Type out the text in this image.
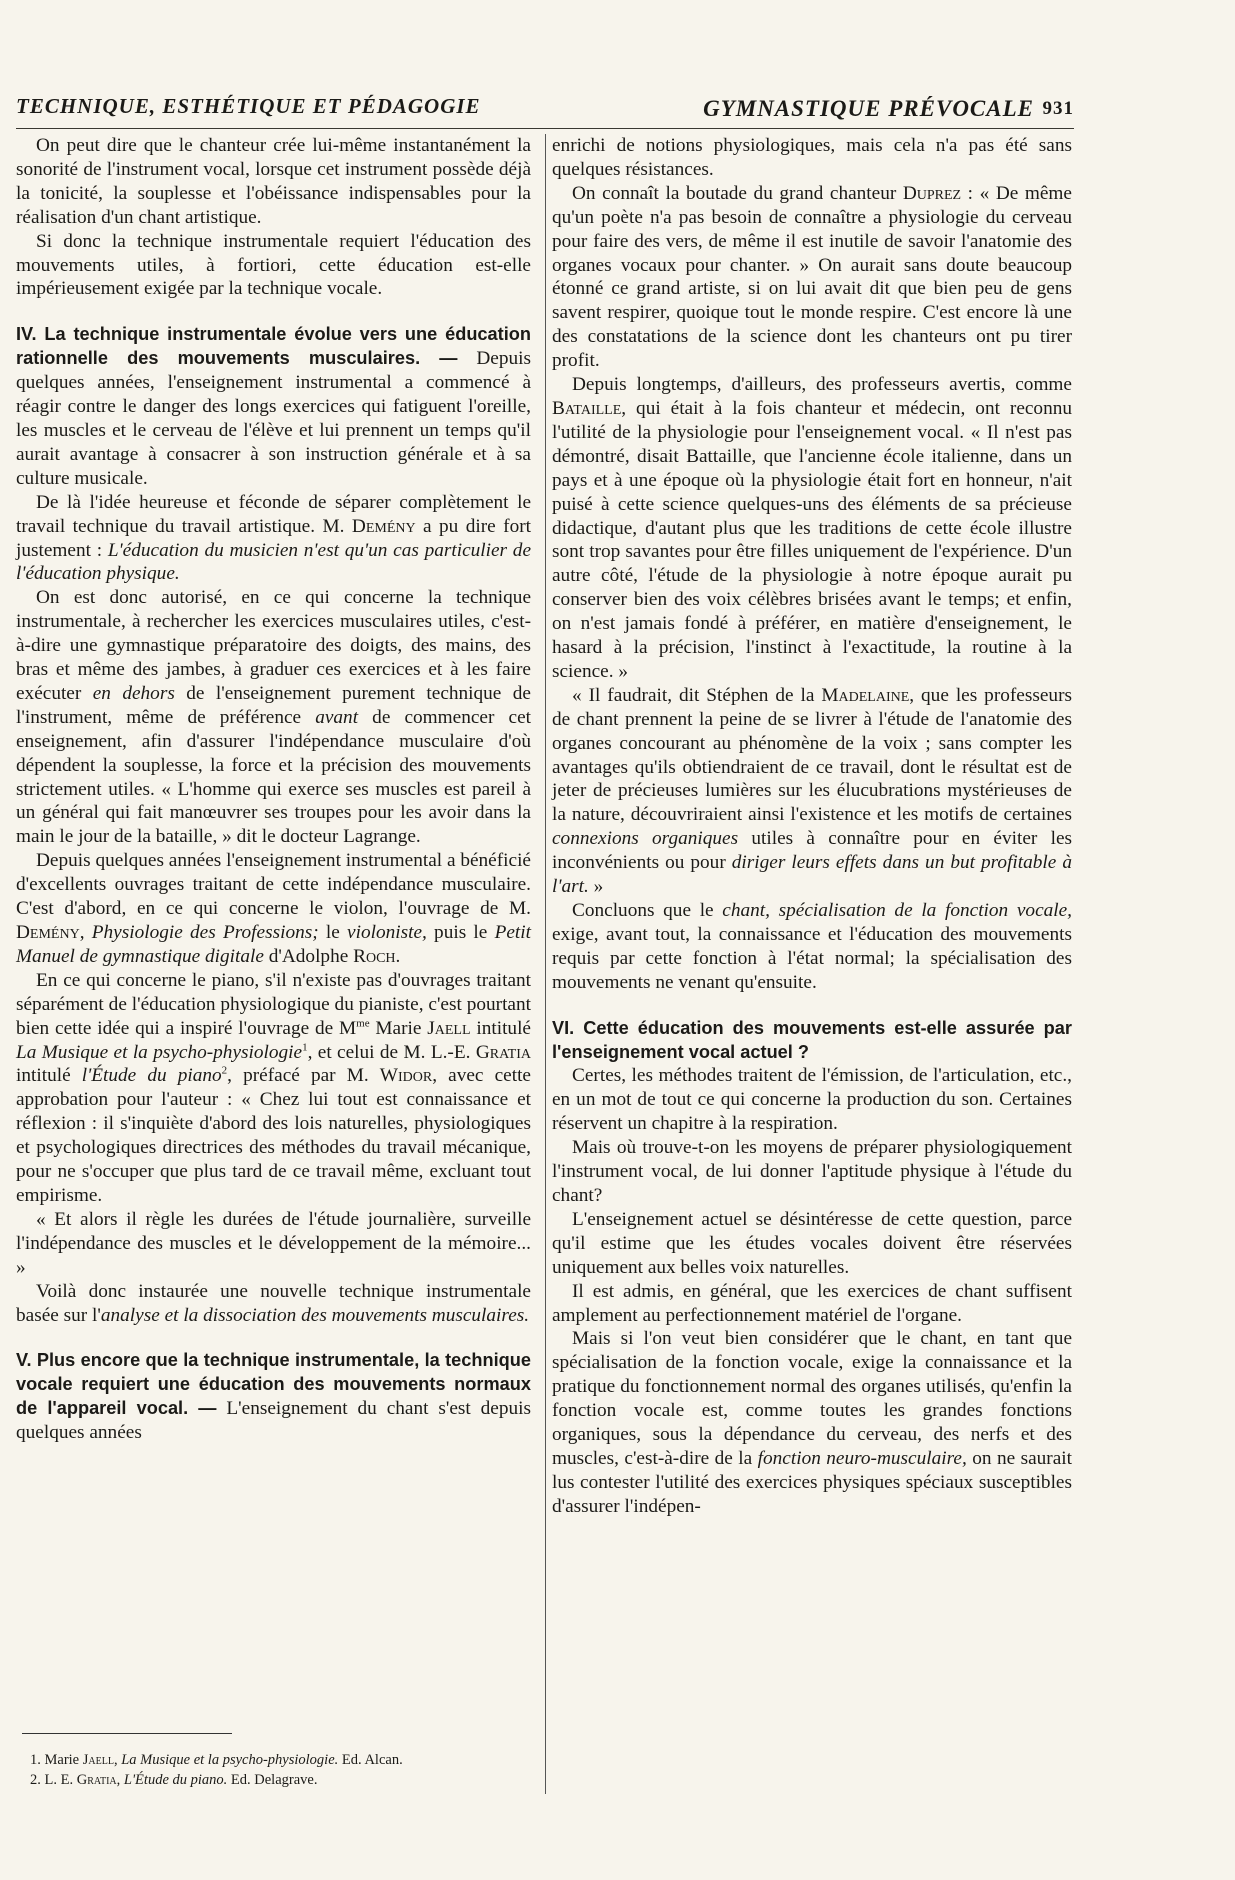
TECHNIQUE, ESTHÉTIQUE ET PÉDAGOGIE	GYMNASTIQUE PRÉVOCALE 931

On peut dire que le chanteur crée lui-même instantanément la sonorité de l'instrument vocal, lorsque cet instrument possède déjà la tonicité, la souplesse et l'obéissance indispensables pour la réalisation d'un chant artistique.

Si donc la technique instrumentale requiert l'éducation des mouvements utiles, à fortiori, cette éducation est-elle impérieusement exigée par la technique vocale.

IV. La technique instrumentale évolue vers une éducation rationnelle des mouvements musculaires. — Depuis quelques années, l'enseignement instrumental a commencé à réagir contre le danger des longs exercices qui fatiguent l'oreille, les muscles et le cerveau de l'élève et lui prennent un temps qu'il aurait avantage à consacrer à son instruction générale et à sa culture musicale.

De là l'idée heureuse et féconde de séparer complètement le travail technique du travail artistique. M. Demény a pu dire fort justement : L'éducation du musicien n'est qu'un cas particulier de l'éducation physique.

On est donc autorisé, en ce qui concerne la technique instrumentale, à rechercher les exercices musculaires utiles, c'est-à-dire une gymnastique préparatoire des doigts, des mains, des bras et même des jambes, à graduer ces exercices et à les faire exécuter en dehors de l'enseignement purement technique de l'instrument, même de préférence avant de commencer cet enseignement, afin d'assurer l'indépendance musculaire d'où dépendent la souplesse, la force et la précision des mouvements strictement utiles. « L'homme qui exerce ses muscles est pareil à un général qui fait manœuvrer ses troupes pour les avoir dans la main le jour de la bataille, » dit le docteur Lagrange.

Depuis quelques années l'enseignement instrumental a bénéficié d'excellents ouvrages traitant de cette indépendance musculaire. C'est d'abord, en ce qui concerne le violon, l'ouvrage de M. Demény, Physiologie des Professions; le violoniste, puis le Petit Manuel de gymnastique digitale d'Adolphe Roch.

En ce qui concerne le piano, s'il n'existe pas d'ouvrages traitant séparément de l'éducation physiologique du pianiste, c'est pourtant bien cette idée qui a inspiré l'ouvrage de $M^{me}$ Marie Jaell intitulé La Musique et la psycho-physiologie$^1$, et celui de M. L.-E. Gratia intitulé l'Étude du piano$^2$, préfacé par M. Widor, avec cette approbation pour l'auteur : « Chez lui tout est connaissance et réflexion : il s'inquiète d'abord des lois naturelles, physiologiques et psychologiques directrices des méthodes du travail mécanique, pour ne s'occuper que plus tard de ce travail même, excluant tout empirisme.

« Et alors il règle les durées de l'étude journalière, surveille l'indépendance des muscles et le développement de la mémoire... »

Voilà donc instaurée une nouvelle technique instrumentale basée sur l'analyse et la dissociation des mouvements musculaires.

V. Plus encore que la technique instrumentale, la technique vocale requiert une éducation des mouvements normaux de l'appareil vocal. — L'enseignement du chant s'est depuis quelques années

1. Marie Jaell, La Musique et la psycho-physiologie. Ed. Alcan.
2. L. E. Gratia, L'Étude du piano. Ed. Delagrave.

enrichi de notions physiologiques, mais cela n'a pas été sans quelques résistances.

On connaît la boutade du grand chanteur Duprez : « De même qu'un poète n'a pas besoin de connaître a physiologie du cerveau pour faire des vers, de même il est inutile de savoir l'anatomie des organes vocaux pour chanter. » On aurait sans doute beaucoup étonné ce grand artiste, si on lui avait dit que bien peu de gens savent respirer, quoique tout le monde respire. C'est encore là une des constatations de la science dont les chanteurs ont pu tirer profit.

Depuis longtemps, d'ailleurs, des professeurs avertis, comme Bataille, qui était à la fois chanteur et médecin, ont reconnu l'utilité de la physiologie pour l'enseignement vocal. « Il n'est pas démontré, disait Battaille, que l'ancienne école italienne, dans un pays et à une époque où la physiologie était fort en honneur, n'ait puisé à cette science quelques-uns des éléments de sa précieuse didactique, d'autant plus que les traditions de cette école illustre sont trop savantes pour être filles uniquement de l'expérience. D'un autre côté, l'étude de la physiologie à notre époque aurait pu conserver bien des voix célèbres brisées avant le temps; et enfin, on n'est jamais fondé à préférer, en matière d'enseignement, le hasard à la précision, l'instinct à l'exactitude, la routine à la science. »

« Il faudrait, dit Stéphen de la Madelaine, que les professeurs de chant prennent la peine de se livrer à l'étude de l'anatomie des organes concourant au phénomène de la voix ; sans compter les avantages qu'ils obtiendraient de ce travail, dont le résultat est de jeter de précieuses lumières sur les élucubrations mystérieuses de la nature, découvriraient ainsi l'existence et les motifs de certaines connexions organiques utiles à connaître pour en éviter les inconvénients ou pour diriger leurs effets dans un but profitable à l'art. »

Concluons que le chant, spécialisation de la fonction vocale, exige, avant tout, la connaissance et l'éducation des mouvements requis par cette fonction à l'état normal; la spécialisation des mouvements ne venant qu'ensuite.

VI. Cette éducation des mouvements est-elle assurée par l'enseignement vocal actuel ?

Certes, les méthodes traitent de l'émission, de l'articulation, etc., en un mot de tout ce qui concerne la production du son. Certaines réservent un chapitre à la respiration.

Mais où trouve-t-on les moyens de préparer physiologiquement l'instrument vocal, de lui donner l'aptitude physique à l'étude du chant?

L'enseignement actuel se désintéresse de cette question, parce qu'il estime que les études vocales doivent être réservées uniquement aux belles voix naturelles.

Il est admis, en général, que les exercices de chant suffisent amplement au perfectionnement matériel de l'organe.

Mais si l'on veut bien considérer que le chant, en tant que spécialisation de la fonction vocale, exige la connaissance et la pratique du fonctionnement normal des organes utilisés, qu'enfin la fonction vocale est, comme toutes les grandes fonctions organiques, sous la dépendance du cerveau, des nerfs et des muscles, c'est-à-dire de la fonction neuro-musculaire, on ne saurait lus contester l'utilité des exercices physiques spéciaux susceptibles d'assurer l'indépen-
